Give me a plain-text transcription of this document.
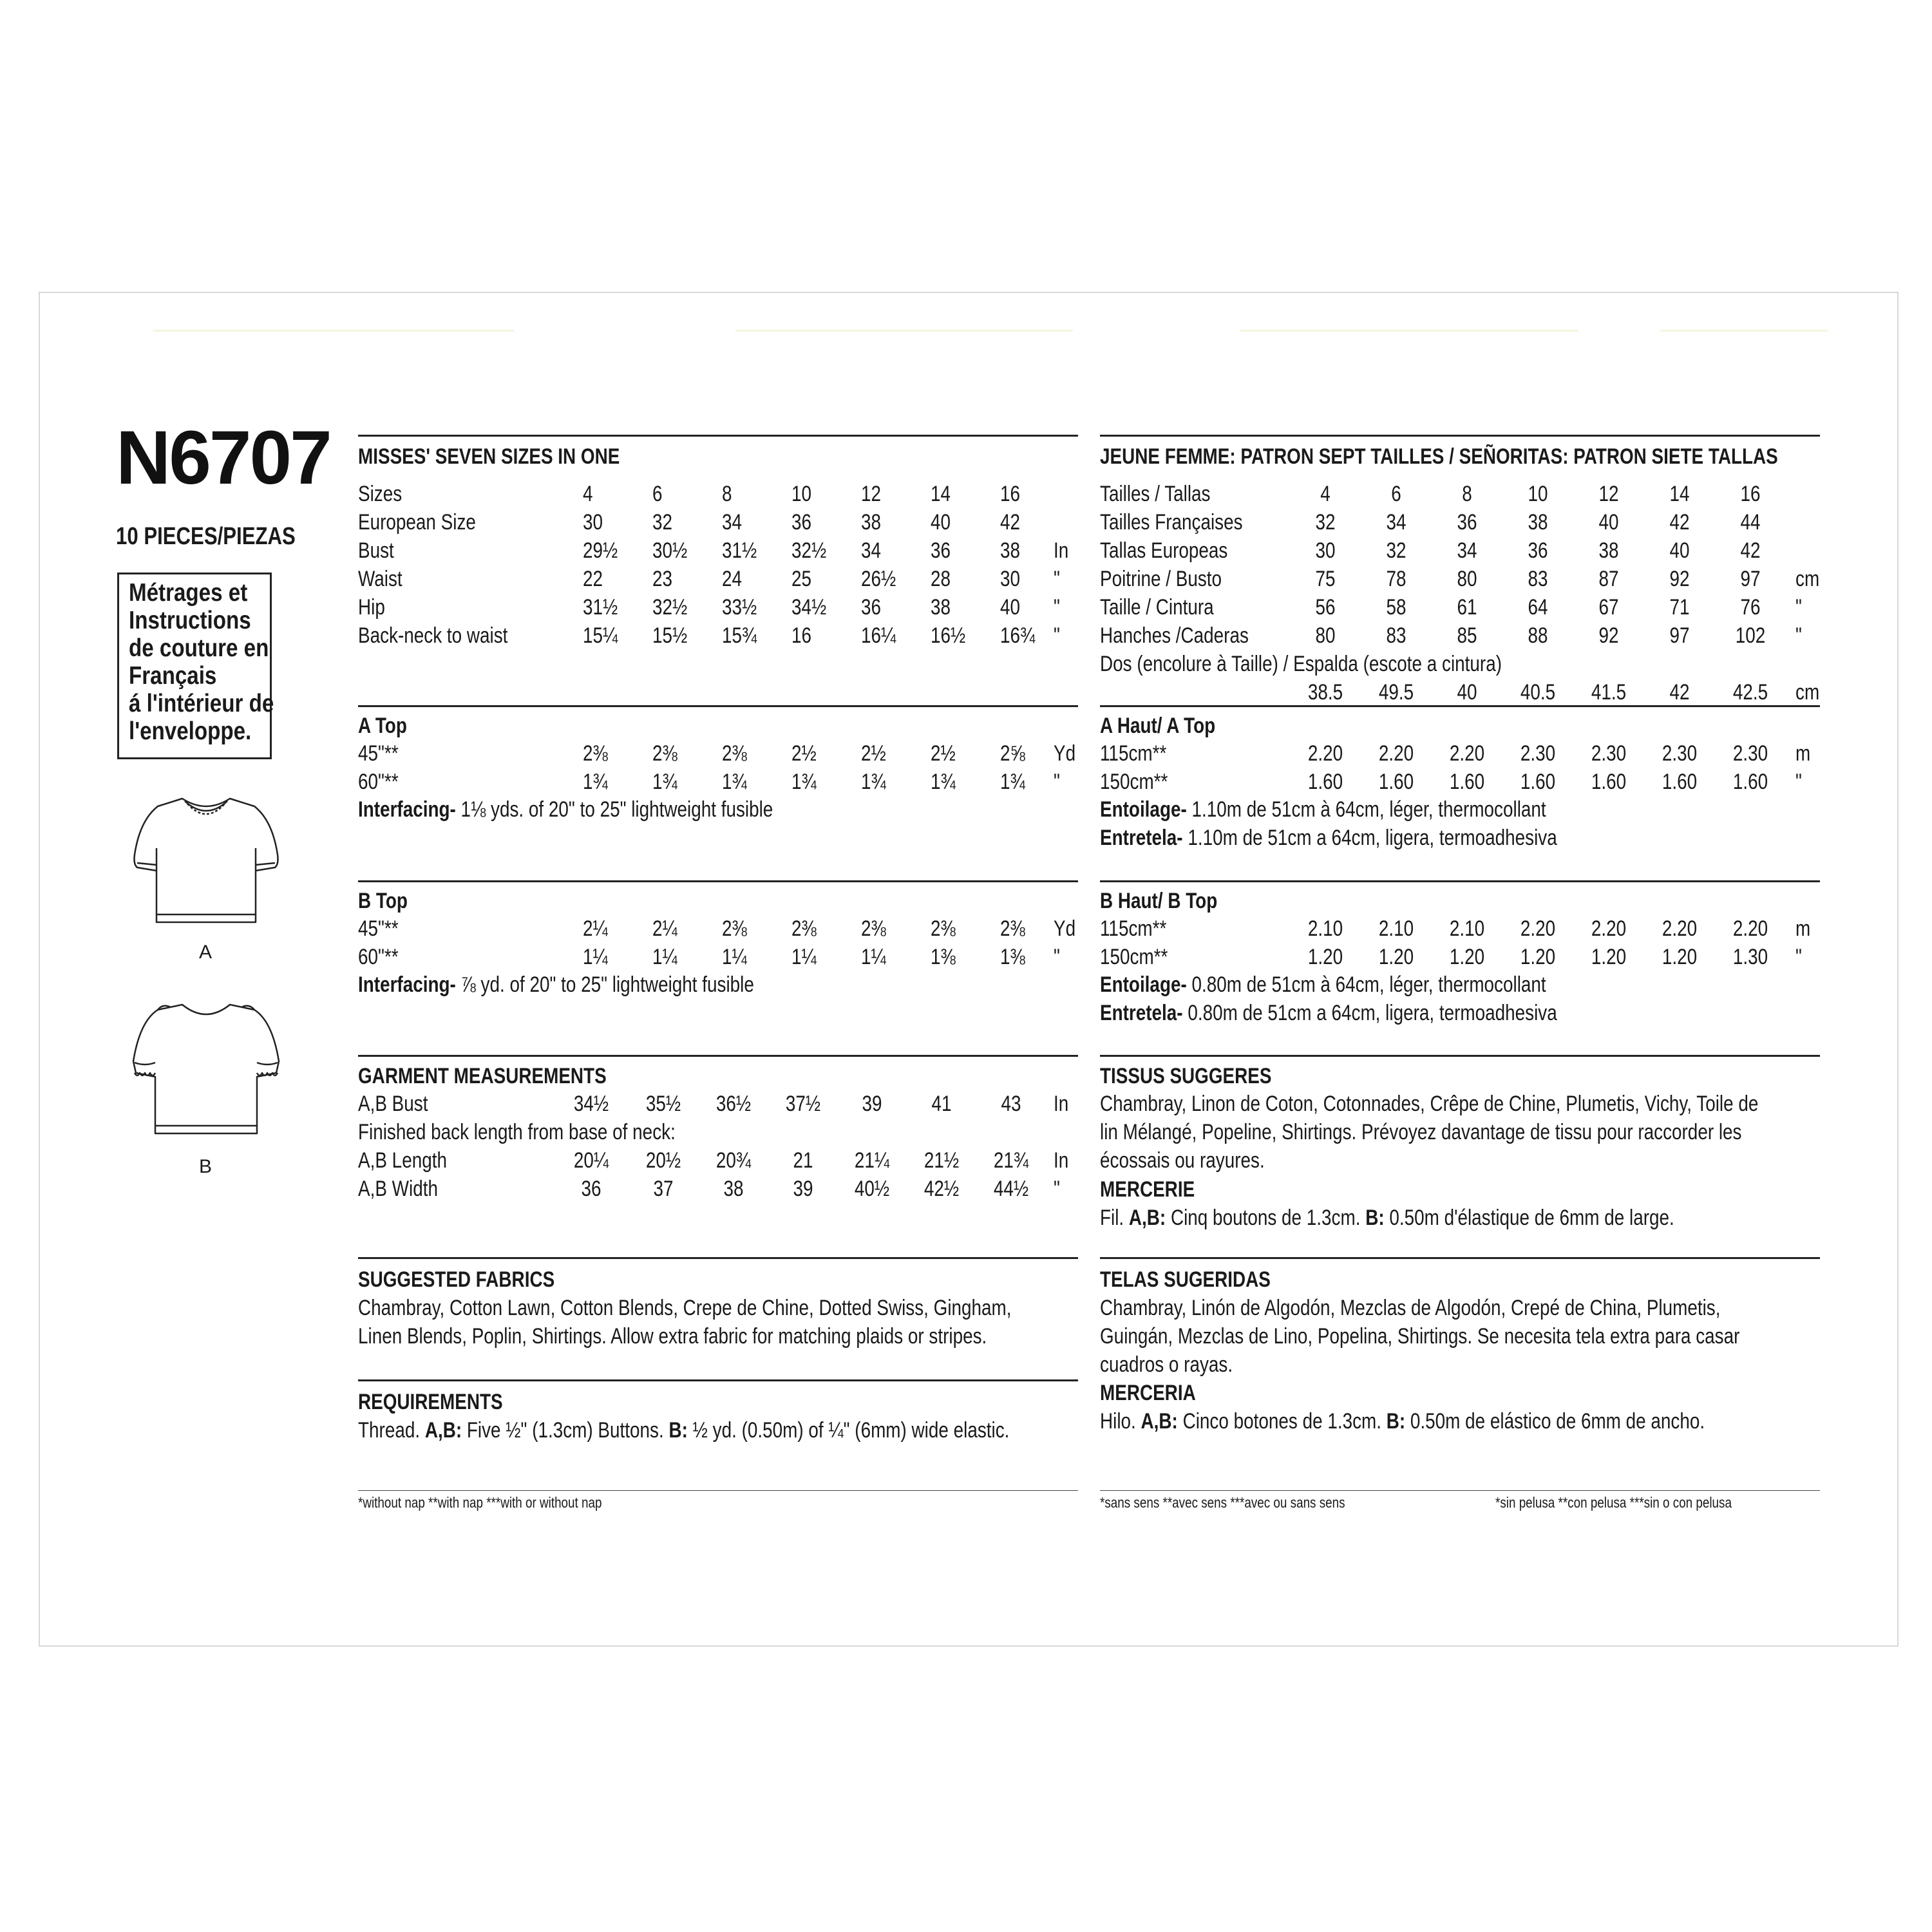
N6707
10 PIECES/PIEZAS
Métrages et
Instructions
de couture en
Français
á l'intérieur de
l'enveloppe.
A
B
MISSES' SEVEN SIZES IN ONE
Sizes	4	6	8	10 12 14 16
European Size	30 32 34 36 38 40 42
Bust	29½ 30½ 31½ 32½ 34 36 38 In
Waist	22 23 24 25 26½ 28 30 "
Hip	31½ 32½ 33½ 34½ 36 38 40 "
Back-neck to waist	15¼ 15½ 15¾ 16 16¼ 16½ 16¾ "
A Top
45"**	2⅜ 2⅜ 2⅜ 2½ 2½ 2½ 2⅝ Yd
60"**	1¾ 1¾ 1¾ 1¾ 1¾ 1¾ 1¾ "
Interfacing- 1⅛ yds. of 20" to 25" lightweight fusible
B Top
45"**	2¼ 2¼ 2⅜ 2⅜ 2⅜ 2⅜ 2⅜ Yd
60"**	1¼ 1¼ 1¼ 1¼ 1¼ 1⅜ 1⅜ "
Interfacing- ⅞ yd. of 20" to 25" lightweight fusible
GARMENT MEASUREMENTS
A,B Bust	34½	35½	36½	37½	39	41	43	In
Finished back length from base of neck:
A,B Length	20¼	20½	20¾	21	21¼	21½	21¾	In
A,B Width	36	37	38	39	40½	42½	44½	"
SUGGESTED FABRICS
Chambray, Cotton Lawn, Cotton Blends, Crepe de Chine, Dotted Swiss, Gingham,
Linen Blends, Poplin, Shirtings. Allow extra fabric for matching plaids or stripes.
REQUIREMENTS
Thread. A,B: Five ½" (1.3cm) Buttons. B: ½ yd. (0.50m) of ¼" (6mm) wide elastic.
*without nap **with nap ***with or without nap
JEUNE FEMME: PATRON SEPT TAILLES / SEÑORITAS: PATRON SIETE TALLAS
Tailles / Tallas	4	6	8	10	12	14	16
Tailles Françaises	32	34	36	38	40	42	44
Tallas Europeas	30	32	34	36	38	40	42
Poitrine / Busto	75	78	80	83	87	92	97	cm
Taille / Cintura	56	58	61	64	67	71	76	"
Hanches /Caderas	80	83	85	88	92	97	102	"
Dos (encolure à Taille) / Espalda (escote a cintura)
38.5	49.5	40	40.5	41.5	42	42.5	cm
A Haut/ A Top
115cm**	2.20	2.20	2.20	2.30	2.30	2.30	2.30	m
150cm**	1.60	1.60	1.60	1.60	1.60	1.60	1.60	"
Entoilage- 1.10m de 51cm à 64cm, léger, thermocollant
Entretela- 1.10m de 51cm a 64cm, ligera, termoadhesiva
B Haut/ B Top
115cm**	2.10	2.10	2.10	2.20	2.20	2.20	2.20	m
150cm**	1.20	1.20	1.20	1.20	1.20	1.20	1.30	"
Entoilage- 0.80m de 51cm à 64cm, léger, thermocollant
Entretela- 0.80m de 51cm a 64cm, ligera, termoadhesiva
TISSUS SUGGERES
Chambray, Linon de Coton, Cotonnades, Crêpe de Chine, Plumetis, Vichy, Toile de
lin Mélangé, Popeline, Shirtings. Prévoyez davantage de tissu pour raccorder les
écossais ou rayures.
MERCERIE
Fil. A,B: Cinq boutons de 1.3cm. B: 0.50m d'élastique de 6mm de large.
TELAS SUGERIDAS
Chambray, Linón de Algodón, Mezclas de Algodón, Crepé de China, Plumetis,
Guingán, Mezclas de Lino, Popelina, Shirtings. Se necesita tela extra para casar
cuadros o rayas.
MERCERIA
Hilo. A,B: Cinco botones de 1.3cm. B: 0.50m de elástico de 6mm de ancho.
*sans sens **avec sens ***avec ou sans sens	*sin pelusa **con pelusa ***sin o con pelusa
